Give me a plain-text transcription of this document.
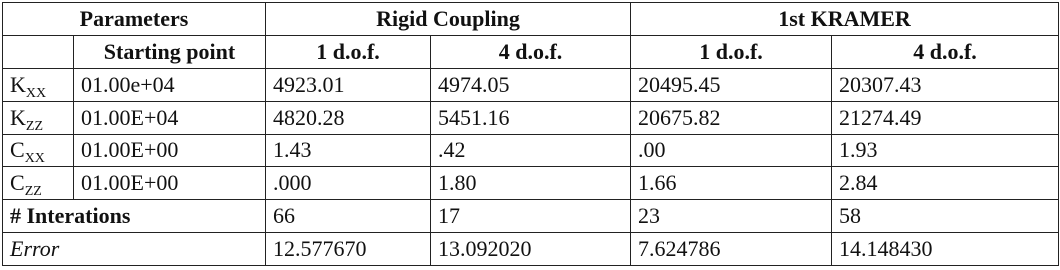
Parameters		Rigid Coupling		1st KRAMER	
	Starting point	1 d.o.f.	4 d.o.f.	1 d.o.f.	4 d.o.f.
$K_{XX}$	01.00e+04	4923.01	4974.05	20495.45	20307.43
$K_{ZZ}$	01.00E+04	4820.28	5451.16	20675.82	21274.49
$C_{XX}$	01.00E+00	1.43	.42	.00	1.93
$C_{ZZ}$	01.00E+00	.000	1.80	1.66	2.84
# Interations		66	17	23	58
Error		12.577670	13.092020	7.624786	14.148430
